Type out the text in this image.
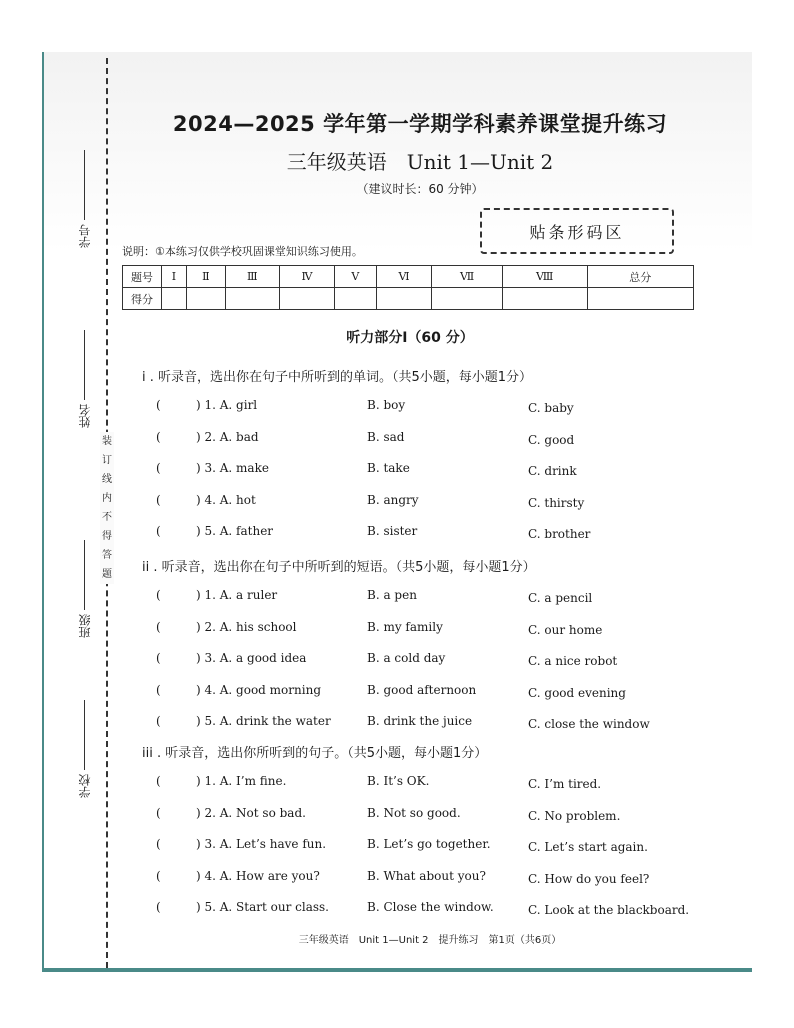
学号
姓名
班级
学校
装
订
线
内
不
得
答
题
2024—2025 学年第一学期学科素养课堂提升练习
三年级英语　Unit 1—Unit 2
（建议时长：60 分钟）
贴条形码区
说明：①本练习仅供学校巩固课堂知识练习使用。
题号	Ⅰ	Ⅱ	Ⅲ	Ⅳ	Ⅴ	Ⅵ	Ⅶ	Ⅷ	总分
得分									
听力部分Ⅰ（60 分）
i . 听录音，选出你在句子中所听到的单词。（共5小题，每小题1分）
(	) 1. A. girl	B. boy	C. baby
(	) 2. A. bad	B. sad	C. good
(	) 3. A. make	B. take	C. drink
(	) 4. A. hot	B. angry	C. thirsty
(	) 5. A. father	B. sister	C. brother
ii . 听录音，选出你在句子中所听到的短语。（共5小题，每小题1分）
(	) 1. A. a ruler	B. a pen	C. a pencil
(	) 2. A. his school	B. my family	C. our home
(	) 3. A. a good idea	B. a cold day	C. a nice robot
(	) 4. A. good morning	B. good afternoon	C. good evening
(	) 5. A. drink the water	B. drink the juice	C. close the window
iii . 听录音，选出你所听到的句子。（共5小题，每小题1分）
(	) 1. A. I’m fine.	B. It’s OK.	C. I’m tired.
(	) 2. A. Not so bad.	B. Not so good.	C. No problem.
(	) 3. A. Let’s have fun.	B. Let’s go together.	C. Let’s start again.
(	) 4. A. How are you?	B. What about you?	C. How do you feel?
(	) 5. A. Start our class.	B. Close the window.	C. Look at the blackboard.
三年级英语　Unit 1—Unit 2　提升练习　第1页（共6页）
